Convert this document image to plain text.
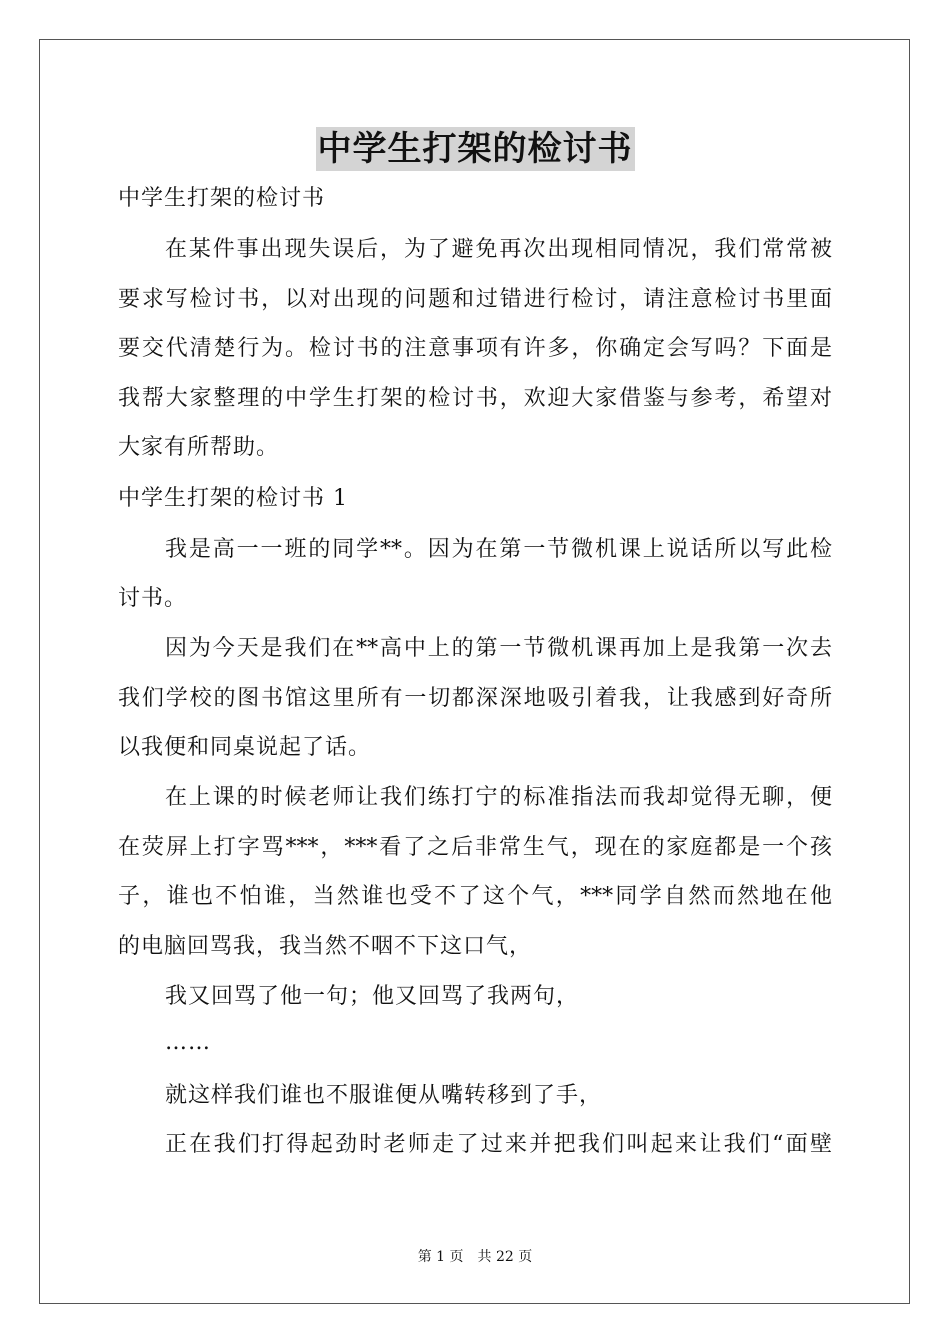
中学生打架的检讨书
中学生打架的检讨书
在某件事出现失误后，为了避免再次出现相同情况，我们常常被
要求写检讨书，以对出现的问题和过错进行检讨，请注意检讨书里面
要交代清楚行为。检讨书的注意事项有许多，你确定会写吗？下面是
我帮大家整理的中学生打架的检讨书，欢迎大家借鉴与参考，希望对
大家有所帮助。
中学生打架的检讨书 1
我是高一一班的同学**。因为在第一节微机课上说话所以写此检
讨书。
因为今天是我们在**高中上的第一节微机课再加上是我第一次去
我们学校的图书馆这里所有一切都深深地吸引着我，让我感到好奇所
以我便和同桌说起了话。
在上课的时候老师让我们练打宁的标准指法而我却觉得无聊，便
在荧屏上打字骂***，***看了之后非常生气，现在的家庭都是一个孩
子，谁也不怕谁，当然谁也受不了这个气，***同学自然而然地在他
的电脑回骂我，我当然不咽不下这口气，
我又回骂了他一句；他又回骂了我两句，
……
就这样我们谁也不服谁便从嘴转移到了手，
正在我们打得起劲时老师走了过来并把我们叫起来让我们“面壁
第 1 页 共 22 页
